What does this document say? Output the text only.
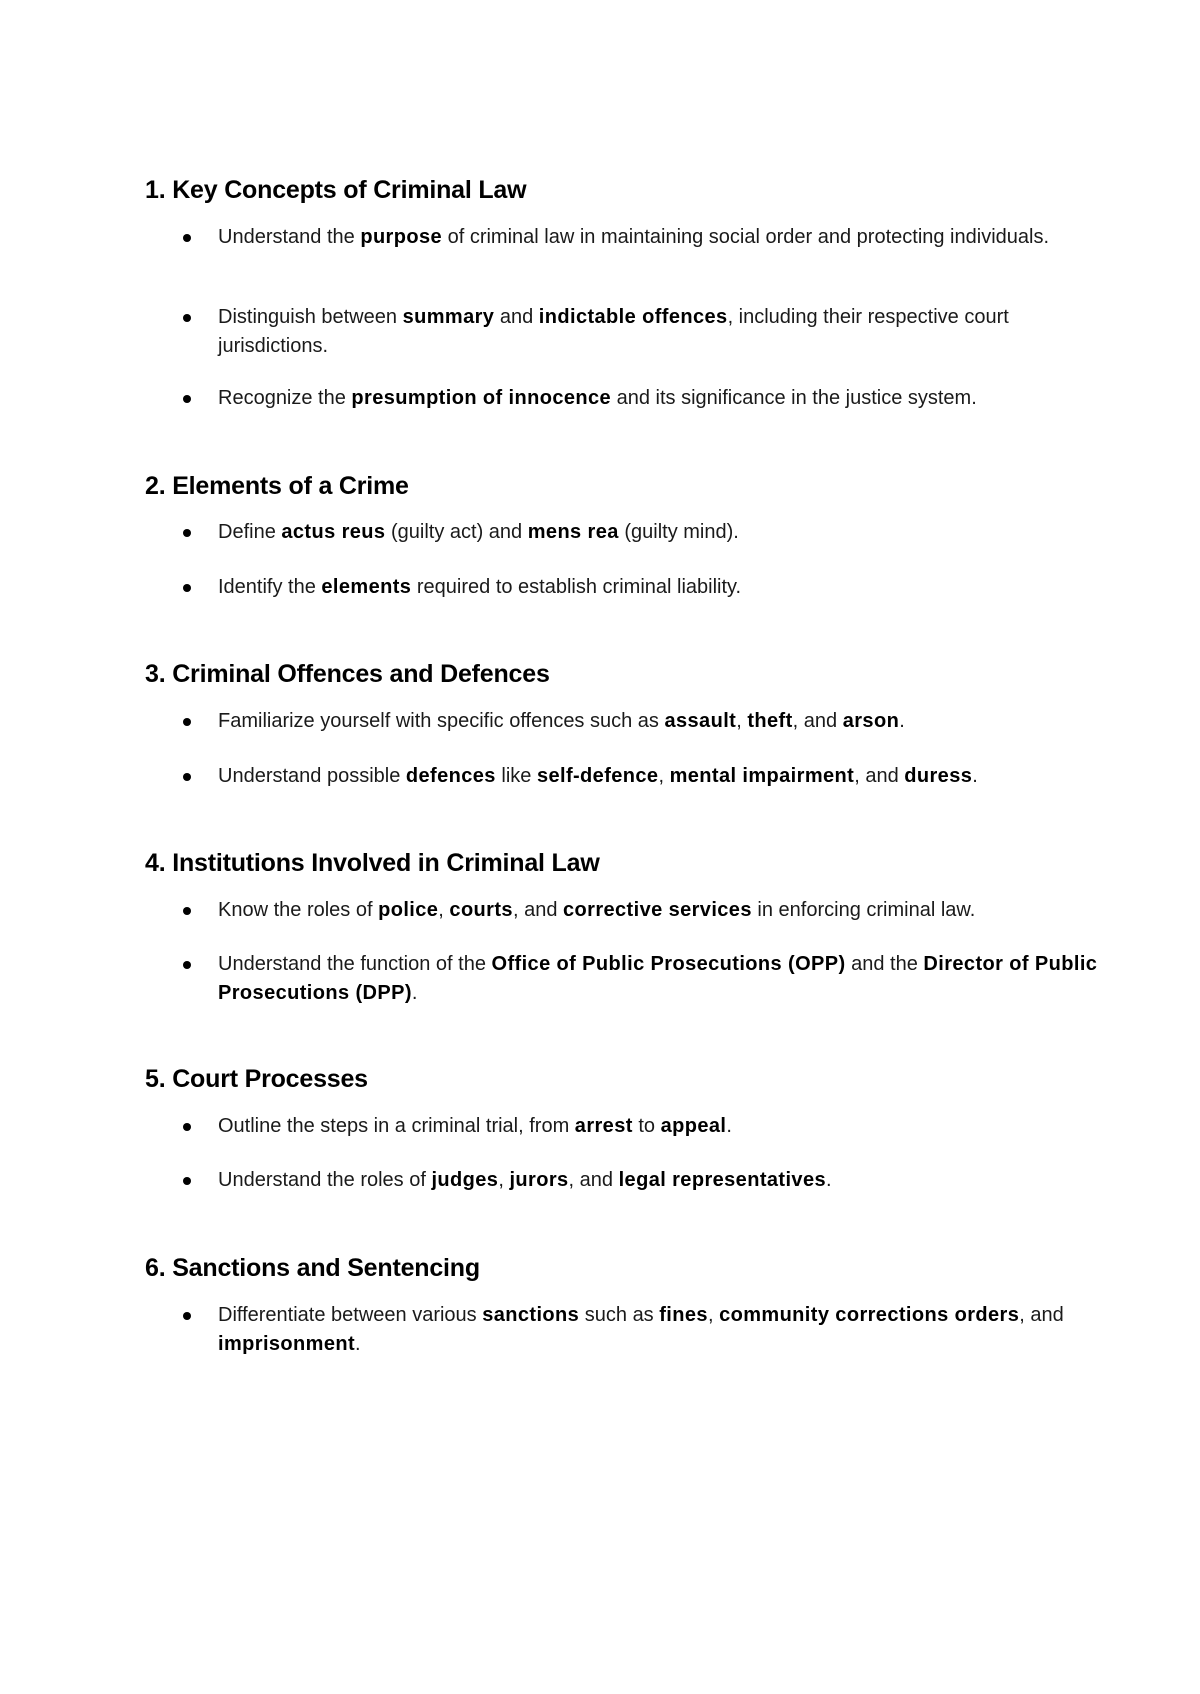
1. Key Concepts of Criminal Law
Understand the purpose of criminal law in maintaining social order and protecting individuals.
Distinguish between summary and indictable offences, including their respective court jurisdictions.
Recognize the presumption of innocence and its significance in the justice system.
2. Elements of a Crime
Define actus reus (guilty act) and mens rea (guilty mind).
Identify the elements required to establish criminal liability.
3. Criminal Offences and Defences
Familiarize yourself with specific offences such as assault, theft, and arson.
Understand possible defences like self-defence, mental impairment, and duress.
4. Institutions Involved in Criminal Law
Know the roles of police, courts, and corrective services in enforcing criminal law.
Understand the function of the Office of Public Prosecutions (OPP) and the Director of Public Prosecutions (DPP).
5. Court Processes
Outline the steps in a criminal trial, from arrest to appeal.
Understand the roles of judges, jurors, and legal representatives.
6. Sanctions and Sentencing
Differentiate between various sanctions such as fines, community corrections orders, and imprisonment.
